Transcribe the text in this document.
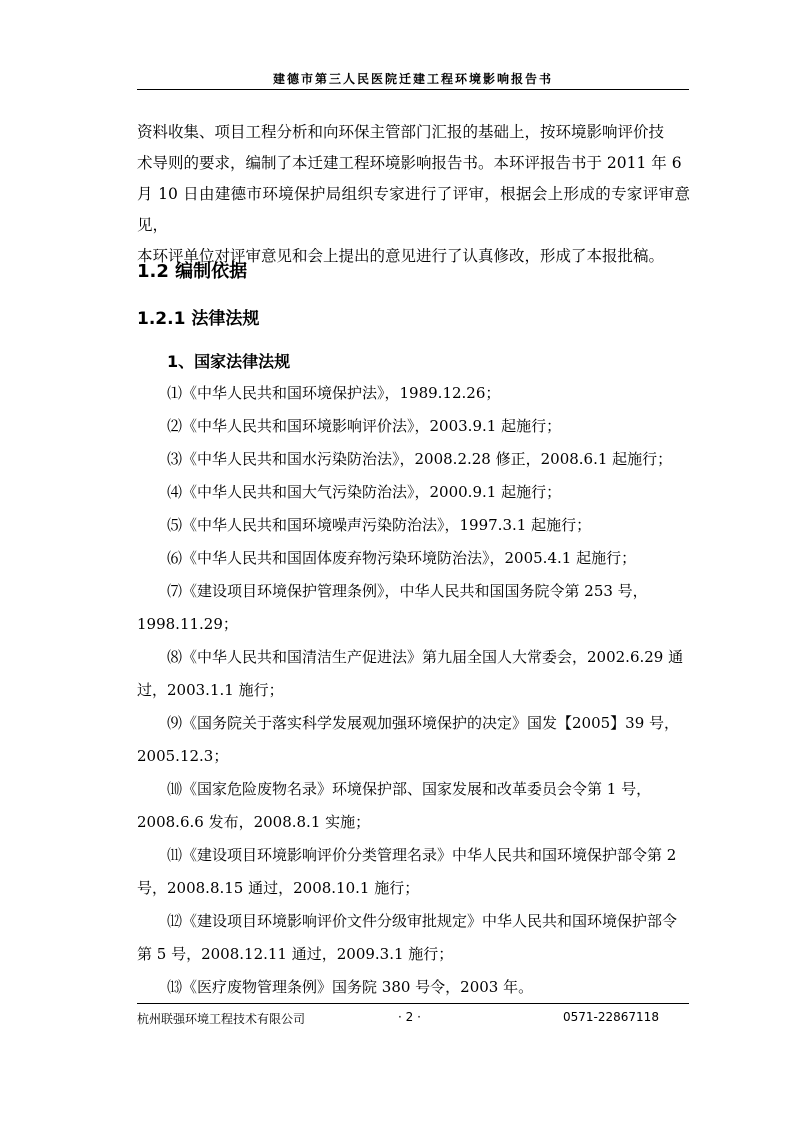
建德市第三人民医院迁建工程环境影响报告书

资料收集、项目工程分析和向环保主管部门汇报的基础上，按环境影响评价技

术导则的要求，编制了本迁建工程环境影响报告书。本环评报告书于 2011 年 6

月 10 日由建德市环境保护局组织专家进行了评审，根据会上形成的专家评审意见，

本环评单位对评审意见和会上提出的意见进行了认真修改，形成了本报批稿。

1.2 编制依据
1.2.1 法律法规
1、国家法律法规

⑴《中华人民共和国环境保护法》，1989.12.26；

⑵《中华人民共和国环境影响评价法》，2003.9.1 起施行；

⑶《中华人民共和国水污染防治法》，2008.2.28 修正，2008.6.1 起施行；

⑷《中华人民共和国大气污染防治法》，2000.9.1 起施行；

⑸《中华人民共和国环境噪声污染防治法》，1997.3.1 起施行；

⑹《中华人民共和国固体废弃物污染环境防治法》，2005.4.1 起施行；

⑺《建设项目环境保护管理条例》，中华人民共和国国务院令第 253 号，1998.11.29；

⑻《中华人民共和国清洁生产促进法》第九届全国人大常委会，2002.6.29 通过，2003.1.1 施行；

⑼《国务院关于落实科学发展观加强环境保护的决定》国发【2005】39 号，2005.12.3；

⑽《国家危险废物名录》环境保护部、国家发展和改革委员会令第 1 号，2008.6.6 发布，2008.8.1 实施；

⑾《建设项目环境影响评价分类管理名录》中华人民共和国环境保护部令第 2 号，2008.8.15 通过，2008.10.1 施行；

⑿《建设项目环境影响评价文件分级审批规定》中华人民共和国环境保护部令第 5 号，2008.12.11 通过，2009.3.1 施行；

⒀《医疗废物管理条例》国务院 380 号令，2003 年。

杭州联强环境工程技术有限公司	· 2 ·	0571-22867118
